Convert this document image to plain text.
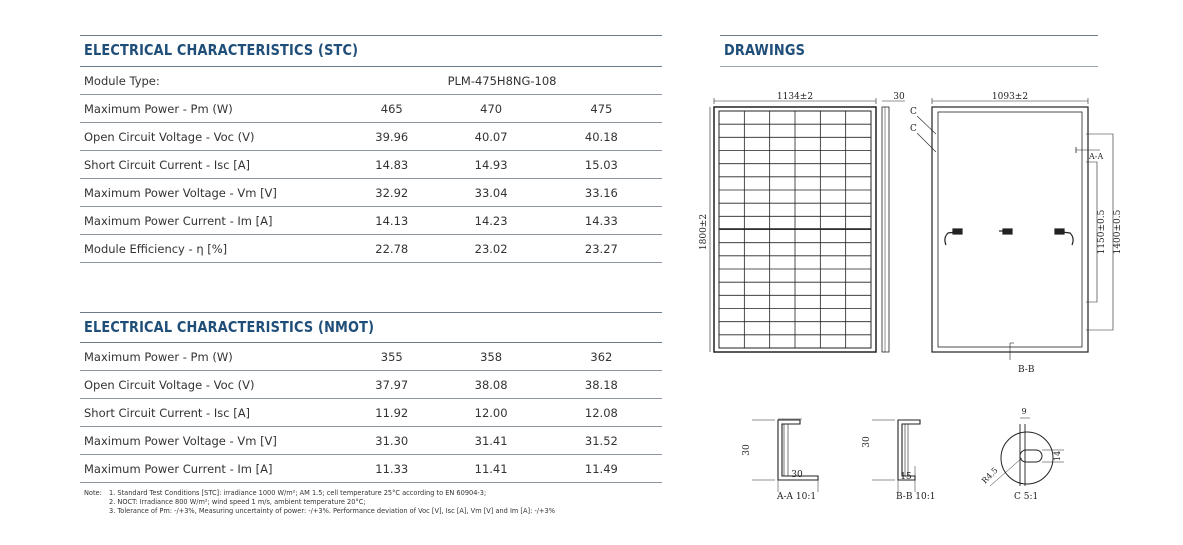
ELECTRICAL CHARACTERISTICS (STC)
Module Type:	PLM-475H8NG-108		
Maximum Power - Pm (W)	465	470	475
Open Circuit Voltage - Voc (V)	39.96	40.07	40.18
Short Circuit Current - Isc [A]	14.83	14.93	15.03
Maximum Power Voltage - Vm [V]	32.92	33.04	33.16
Maximum Power Current - Im [A]	14.13	14.23	14.33
Module Efficiency - η [%]	22.78	23.02	23.27
ELECTRICAL CHARACTERISTICS (NMOT)
Maximum Power - Pm (W)	355	358	362
Open Circuit Voltage - Voc (V)	37.97	38.08	38.18
Short Circuit Current - Isc [A]	11.92	12.00	12.08
Maximum Power Voltage - Vm [V]	31.30	31.41	31.52
Maximum Power Current - Im [A]	11.33	11.41	11.49
Note:	1. Standard Test Conditions [STC]: irradiance 1000 W/m²; AM 1.5; cell temperature 25°C according to EN 60904-3;
2. NOCT: Irradiance 800 W/m²; wind speed 1 m/s, ambient temperature 20°C;
3. Tolerance of Pm: -/+3%, Measuring uncertainty of power: -/+3%. Performance deviation of Voc [V], Isc [A], Vm [V] and Im [A]: -/+3%
DRAWINGS
1134±2
1800±2
30	1093±2
C
C
A-A
1150±0.5 1400±0.5
B-B
30
30
A-A 10:1
30
15
B-B 10:1
14
9
R4.5
C 5:1
